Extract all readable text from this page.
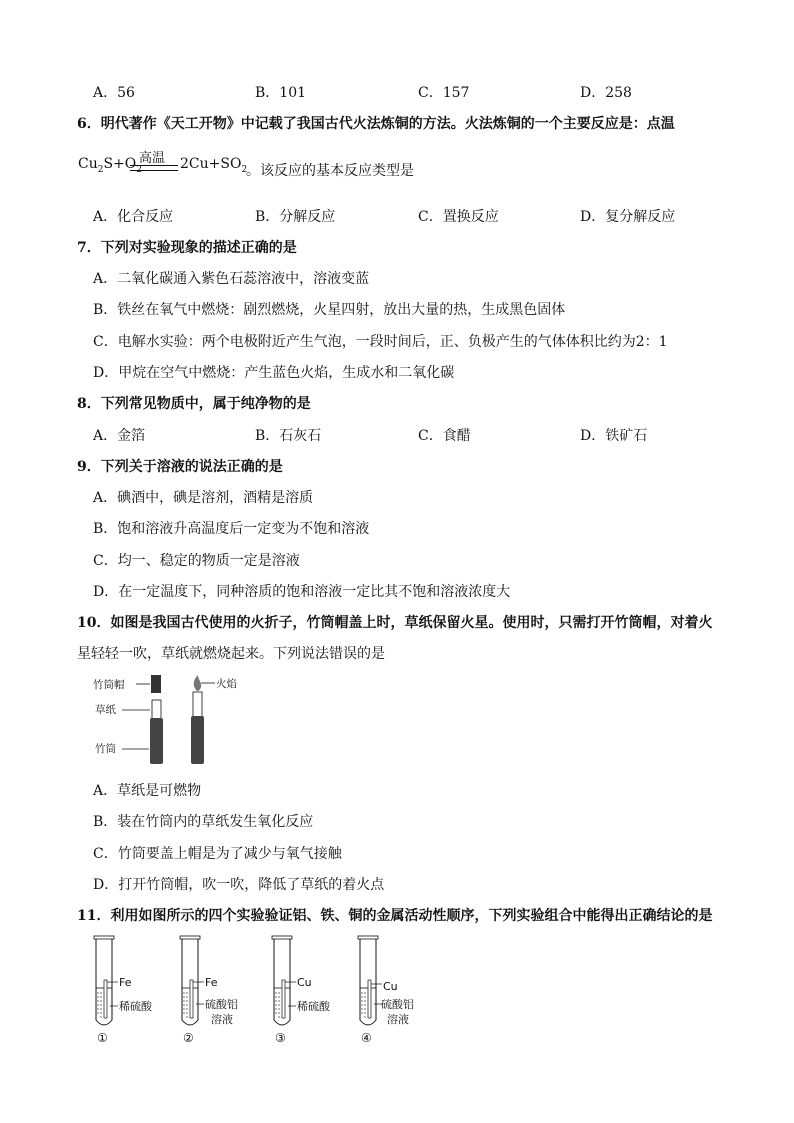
A．56	B．101	C．157	D．258
6．明代著作《天工开物》中记载了我国古代火法炼铜的方法。火法炼铜的一个主要反应是：点温
$Cu_2S+O_2$
高温 $2Cu+SO_2$
。该反应的基本反应类型是
A．化合反应	B．分解反应	C．置换反应	D．复分解反应
7．下列对实验现象的描述正确的是
A．二氧化碳通入紫色石蕊溶液中，溶液变蓝
B．铁丝在氧气中燃烧：剧烈燃烧，火星四射，放出大量的热，生成黑色固体
C．电解水实验：两个电极附近产生气泡，一段时间后，正、负极产生的气体体积比约为2：1
D．甲烷在空气中燃烧：产生蓝色火焰，生成水和二氧化碳
8．下列常见物质中，属于纯净物的是
A．金箔	B．石灰石	C．食醋	D．铁矿石
9．下列关于溶液的说法正确的是
A．碘酒中，碘是溶剂，酒精是溶质
B．饱和溶液升高温度后一定变为不饱和溶液
C．均一、稳定的物质一定是溶液
D．在一定温度下，同种溶质的饱和溶液一定比其不饱和溶液浓度大
10．如图是我国古代使用的火折子，竹筒帽盖上时，草纸保留火星。使用时，只需打开竹筒帽，对着火
星轻轻一吹，草纸就燃烧起来。下列说法错误的是
竹筒帽
草纸
竹筒
火焰
A．草纸是可燃物
B．装在竹筒内的草纸发生氧化反应
C．竹筒要盖上帽是为了减少与氧气接触
D．打开竹筒帽，吹一吹，降低了草纸的着火点
11．利用如图所示的四个实验验证铝、铁、铜的金属活动性顺序，下列实验组合中能得出正确结论的是
Fe
稀硫酸
①
Fe
硫酸铝
溶液
②
Cu
稀硫酸
③
Cu
硫酸铝
溶液
④
